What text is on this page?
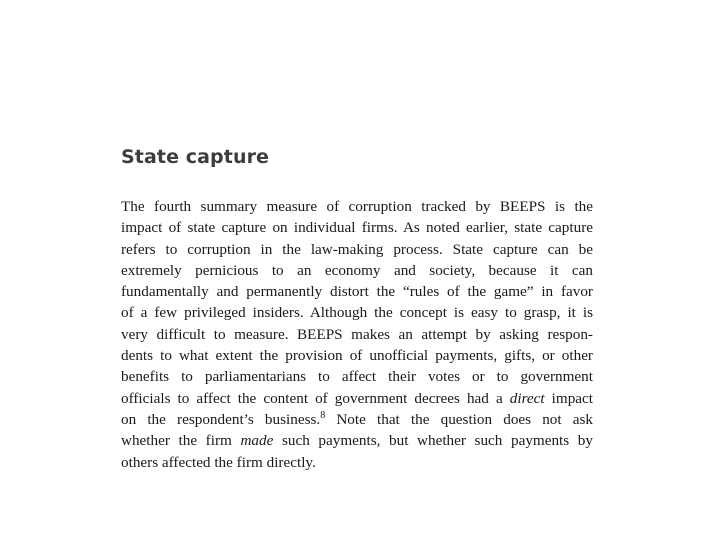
State capture
The fourth summary measure of corruption tracked by BEEPS is the
impact of state capture on individual firms. As noted earlier, state capture
refers to corruption in the law-making process. State capture can be
extremely pernicious to an economy and society, because it can
fundamentally and permanently distort the “rules of the game” in favor
of a few privileged insiders. Although the concept is easy to grasp, it is
very difficult to measure. BEEPS makes an attempt by asking respon-
dents to what extent the provision of unofficial payments, gifts, or other
benefits to parliamentarians to affect their votes or to government
officials to affect the content of government decrees had a direct impact
on the respondent’s business.$^8$ Note that the question does not ask
whether the firm made such payments, but whether such payments by
others affected the firm directly.
